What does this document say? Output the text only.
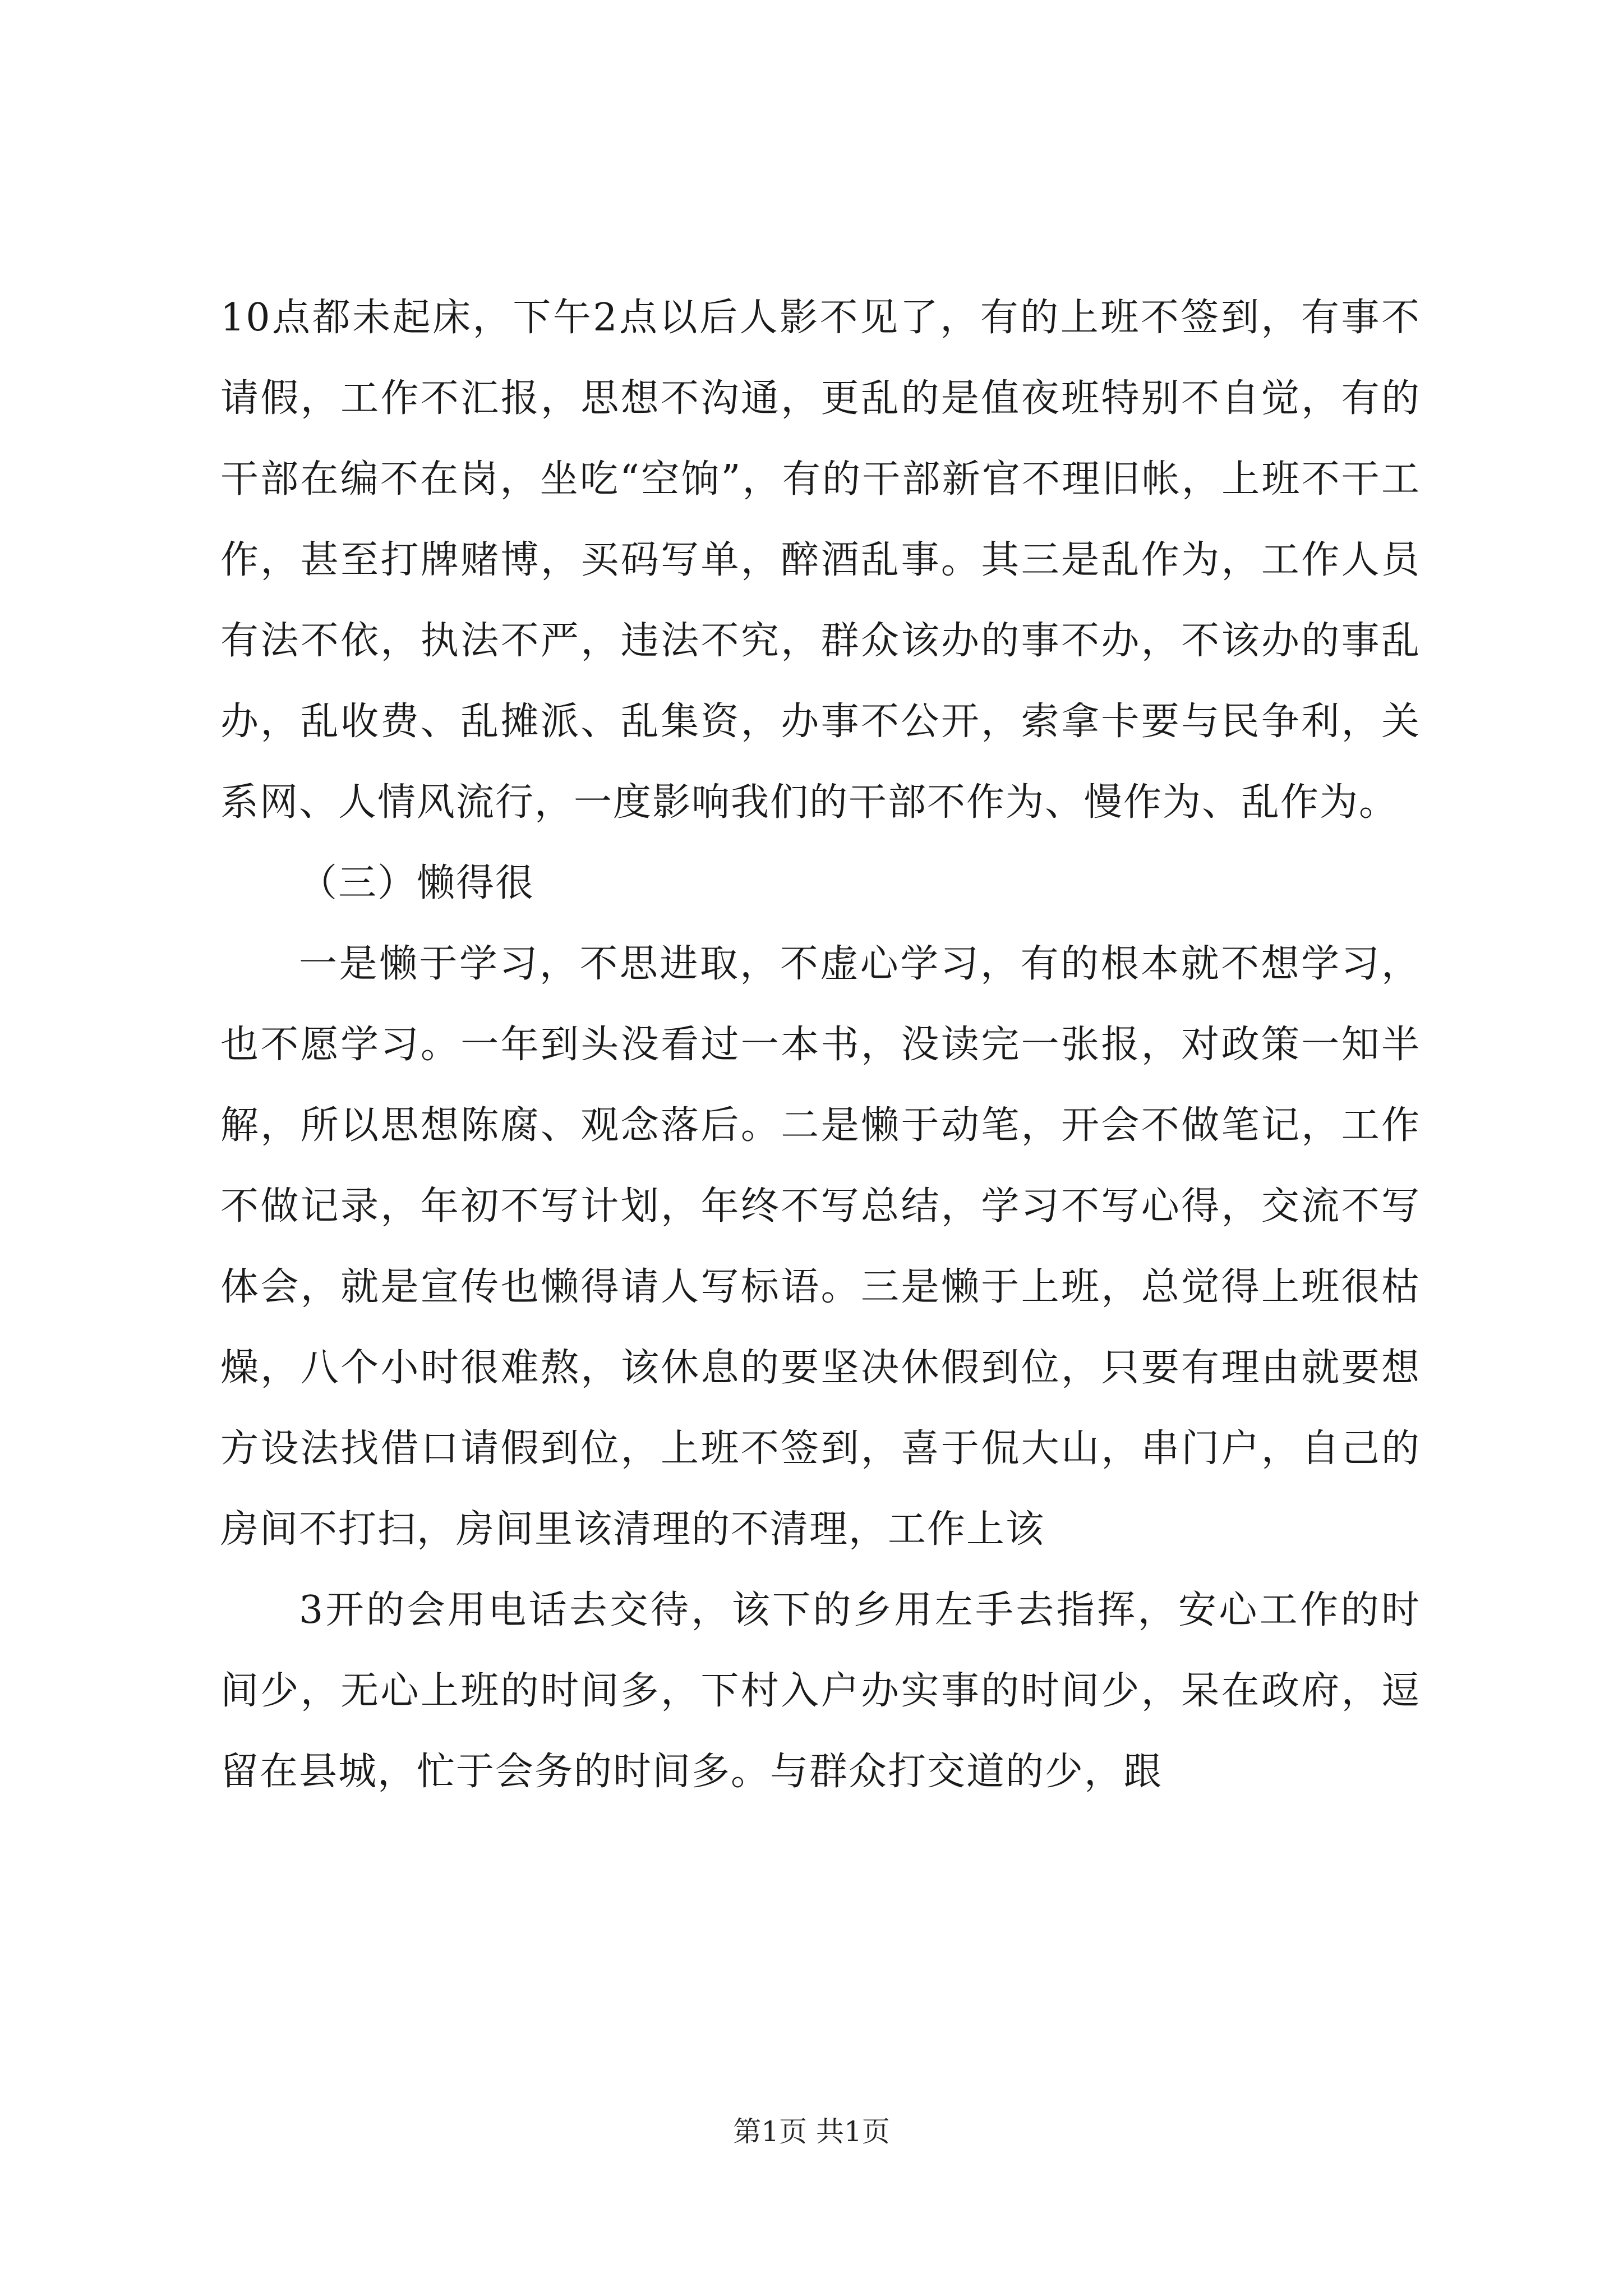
10点都未起床，下午2点以后人影不见了，有的上班不签到，有事不请假，工作不汇报，思想不沟通，更乱的是值夜班特别不自觉，有的干部在编不在岗，坐吃“空饷”，有的干部新官不理旧帐，上班不干工作，甚至打牌赌博，买码写单，醉酒乱事。其三是乱作为，工作人员有法不依，执法不严，违法不究，群众该办的事不办，不该办的事乱办，乱收费、乱摊派、乱集资，办事不公开，索拿卡要与民争利，关系网、人情风流行，一度影响我们的干部不作为、慢作为、乱作为。

（三）懒得很

一是懒于学习，不思进取，不虚心学习，有的根本就不想学习，也不愿学习。一年到头没看过一本书，没读完一张报，对政策一知半解，所以思想陈腐、观念落后。二是懒于动笔，开会不做笔记，工作不做记录，年初不写计划，年终不写总结，学习不写心得，交流不写体会，就是宣传也懒得请人写标语。三是懒于上班，总觉得上班很枯燥，八个小时很难熬，该休息的要坚决休假到位，只要有理由就要想方设法找借口请假到位，上班不签到，喜于侃大山，串门户，自己的房间不打扫，房间里该清理的不清理，工作上该

3开的会用电话去交待，该下的乡用左手去指挥，安心工作的时间少，无心上班的时间多，下村入户办实事的时间少，呆在政府，逗留在县城，忙于会务的时间多。与群众打交道的少，跟

第1页 共1页
